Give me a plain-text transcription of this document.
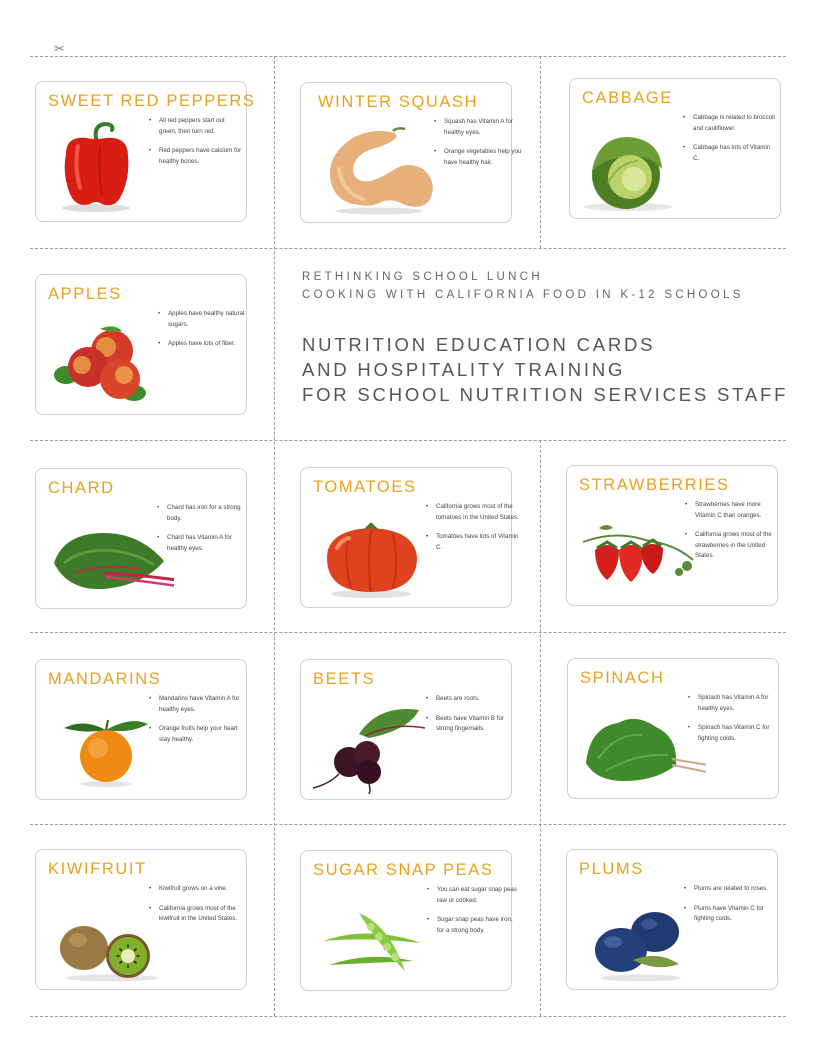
✂
RETHINKING SCHOOL LUNCH
COOKING WITH CALIFORNIA FOOD IN K-12 SCHOOLS
NUTRITION EDUCATION CARDS
AND HOSPITALITY TRAINING
FOR SCHOOL NUTRITION SERVICES STAFF
SWEET RED PEPPERS
• All red peppers start out green, then turn red.
• Red peppers have calcium for healthy bones.
WINTER SQUASH
• Squash has Vitamin A for healthy eyes.
• Orange vegetables help you have healthy hair.
CABBAGE
• Cabbage is related to broccoli and cauliflower.
• Cabbage has lots of Vitamin C.
APPLES
• Apples have healthy natural sugars.
• Apples have lots of fiber.
CHARD
• Chard has iron for a strong body.
• Chard has Vitamin A for healthy eyes.
TOMATOES
• California grows most of the tomatoes in the United States.
• Tomatoes have lots of Vitamin C.
STRAWBERRIES
• Strawberries have more Vitamin C than oranges.
• California grows most of the strawberries in the United States.
MANDARINS
• Mandarins have Vitamin A for healthy eyes.
• Orange fruits help your heart stay healthy.
BEETS
• Beets are roots.
• Beets have Vitamin B for strong fingernails.
SPINACH
• Spinach has Vitamin A for healthy eyes.
• Spinach has Vitamin C for fighting colds.
KIWIFRUIT
• Kiwifruit grows on a vine.
• California grows most of the kiwifruit in the United States.
SUGAR SNAP PEAS
• You can eat sugar snap peas raw or cooked.
• Sugar snap peas have iron, for a strong body.
PLUMS
• Plums are related to roses.
• Plums have Vitamin C for fighting colds.
